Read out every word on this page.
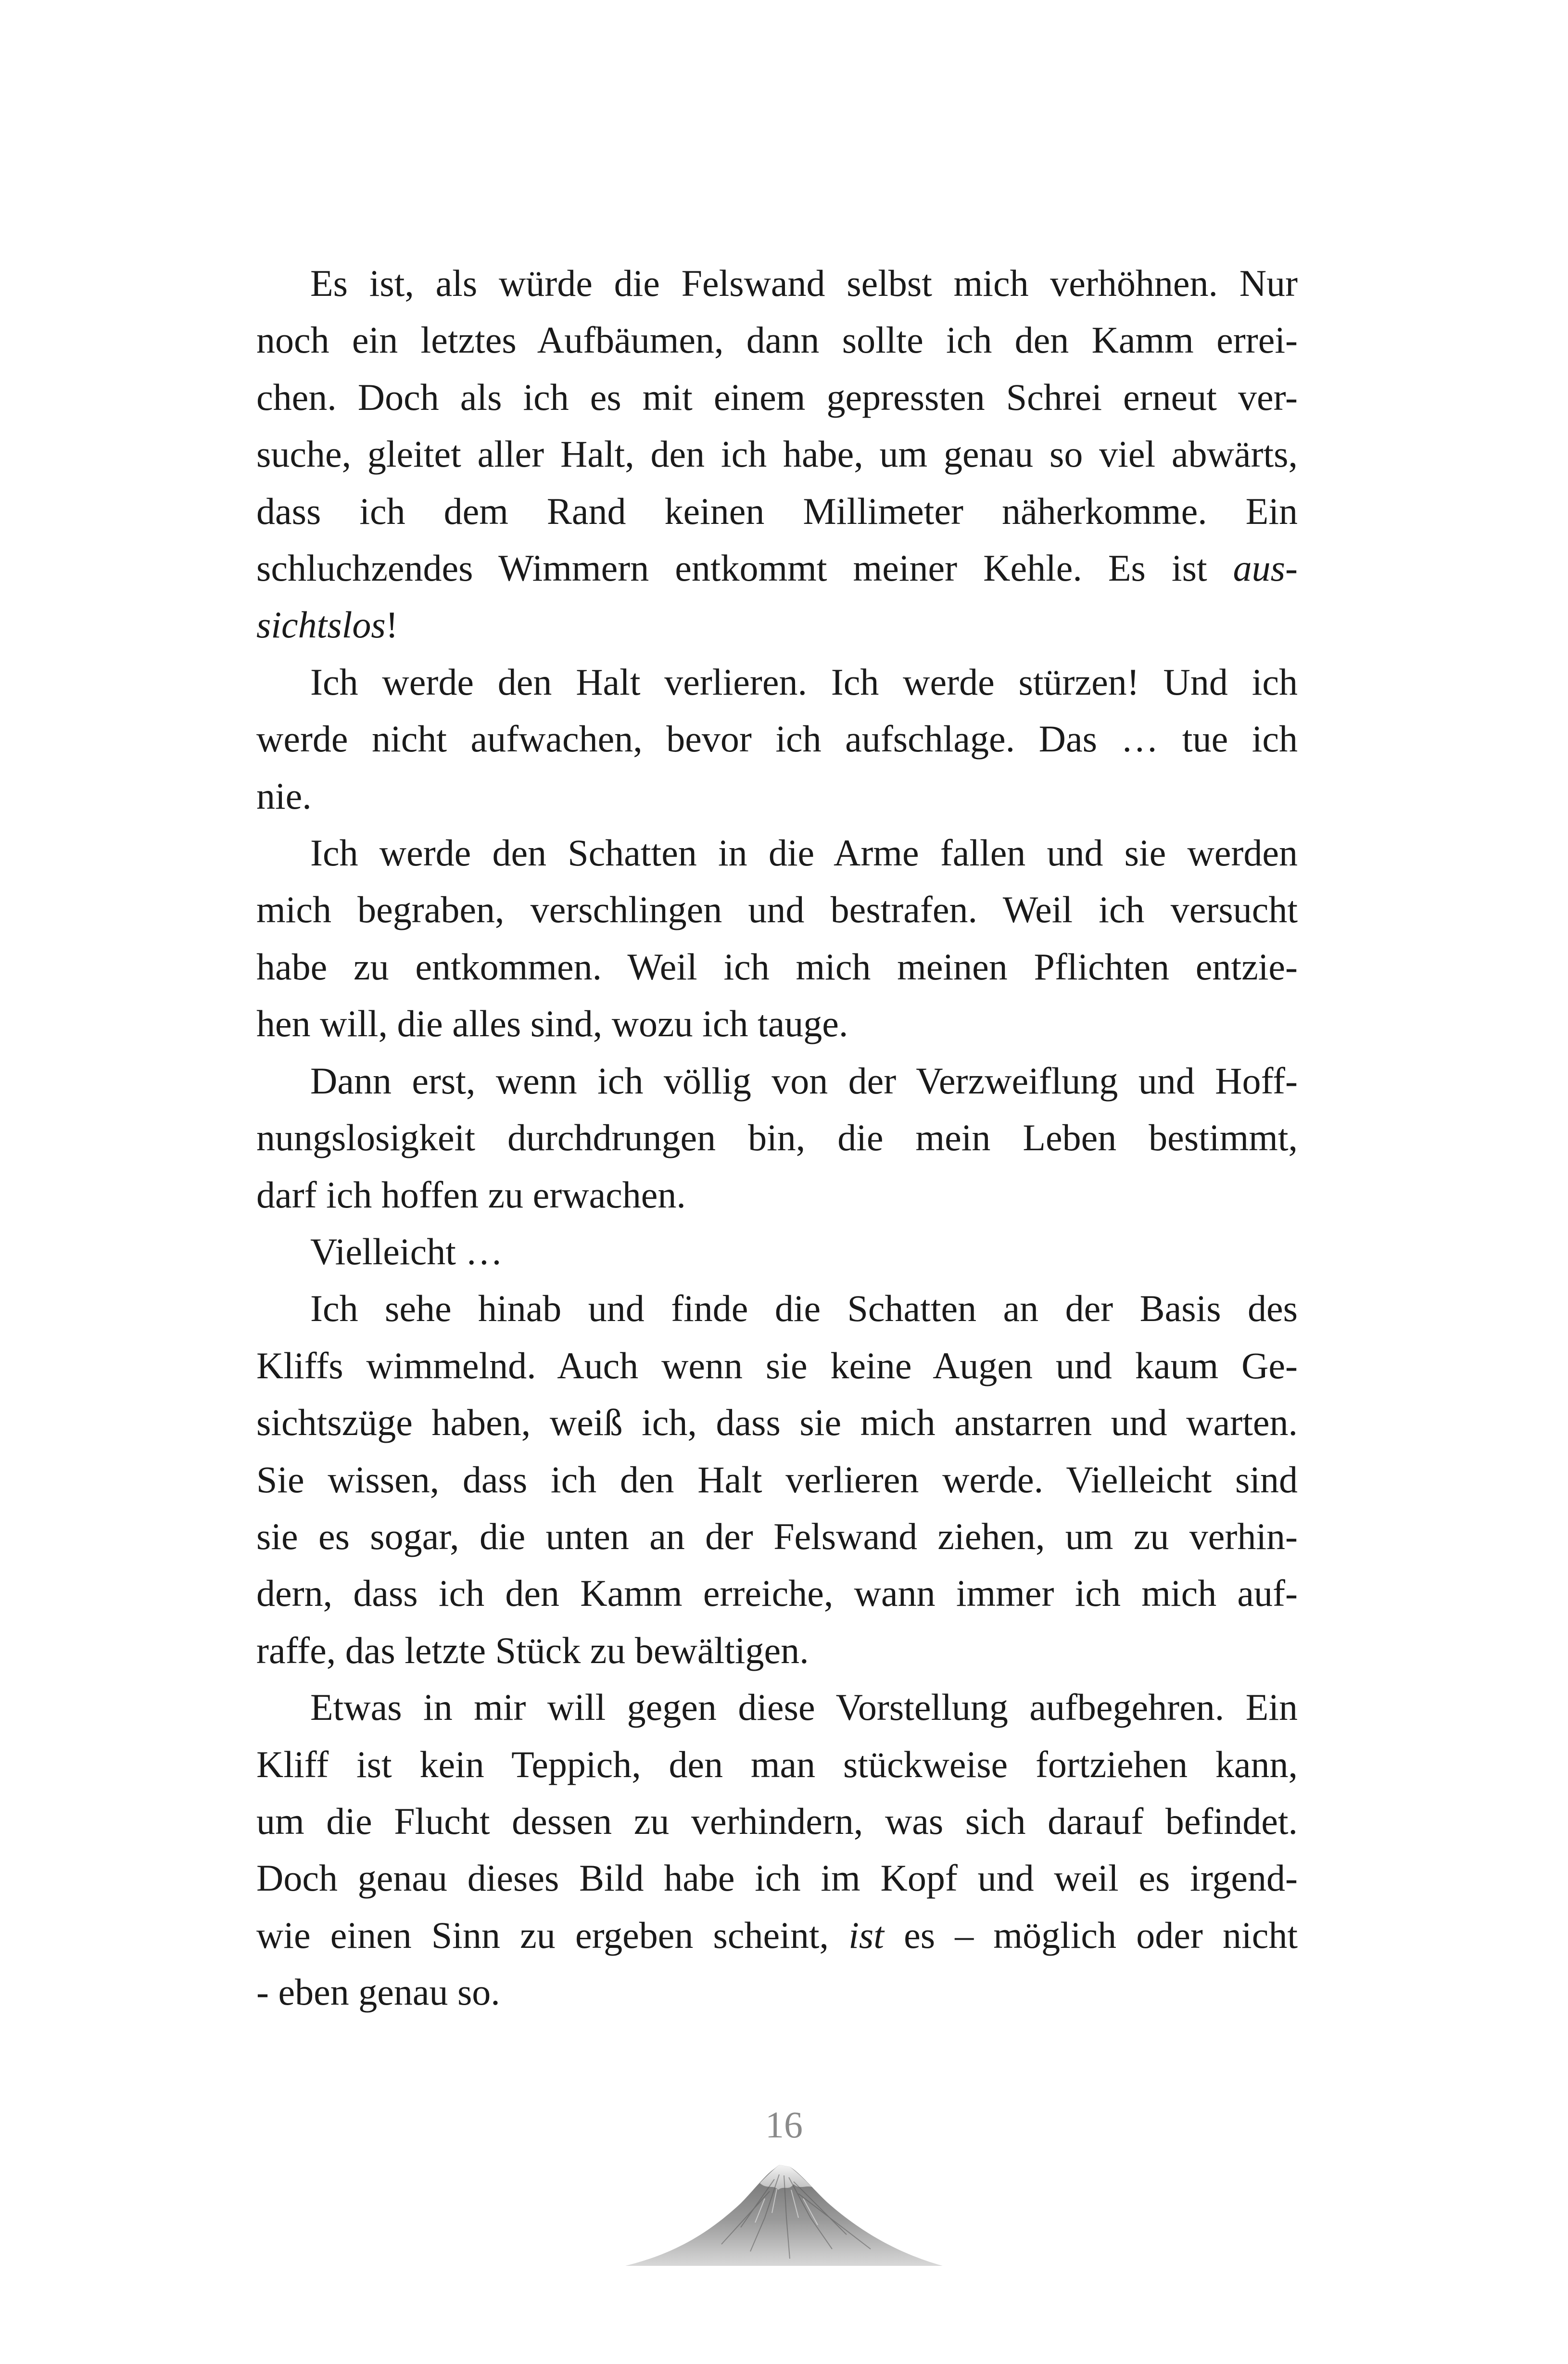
Es ist, als würde die Felswand selbst mich verhöhnen. Nur
noch ein letztes Aufbäumen, dann sollte ich den Kamm errei-
chen. Doch als ich es mit einem gepressten Schrei erneut ver-
suche, gleitet aller Halt, den ich habe, um genau so viel abwärts,
dass ich dem Rand keinen Millimeter näherkomme. Ein
schluchzendes Wimmern entkommt meiner Kehle. Es ist aus-
sichtslos!
Ich werde den Halt verlieren. Ich werde stürzen! Und ich
werde nicht aufwachen, bevor ich aufschlage. Das … tue ich
nie.
Ich werde den Schatten in die Arme fallen und sie werden
mich begraben, verschlingen und bestrafen. Weil ich versucht
habe zu entkommen. Weil ich mich meinen Pflichten entzie-
hen will, die alles sind, wozu ich tauge.
Dann erst, wenn ich völlig von der Verzweiflung und Hoff-
nungslosigkeit durchdrungen bin, die mein Leben bestimmt,
darf ich hoffen zu erwachen.
Vielleicht …
Ich sehe hinab und finde die Schatten an der Basis des
Kliffs wimmelnd. Auch wenn sie keine Augen und kaum Ge-
sichtszüge haben, weiß ich, dass sie mich anstarren und warten.
Sie wissen, dass ich den Halt verlieren werde. Vielleicht sind
sie es sogar, die unten an der Felswand ziehen, um zu verhin-
dern, dass ich den Kamm erreiche, wann immer ich mich auf-
raffe, das letzte Stück zu bewältigen.
Etwas in mir will gegen diese Vorstellung aufbegehren. Ein
Kliff ist kein Teppich, den man stückweise fortziehen kann,
um die Flucht dessen zu verhindern, was sich darauf befindet.
Doch genau dieses Bild habe ich im Kopf und weil es irgend-
wie einen Sinn zu ergeben scheint, ist es – möglich oder nicht
- eben genau so.
16
